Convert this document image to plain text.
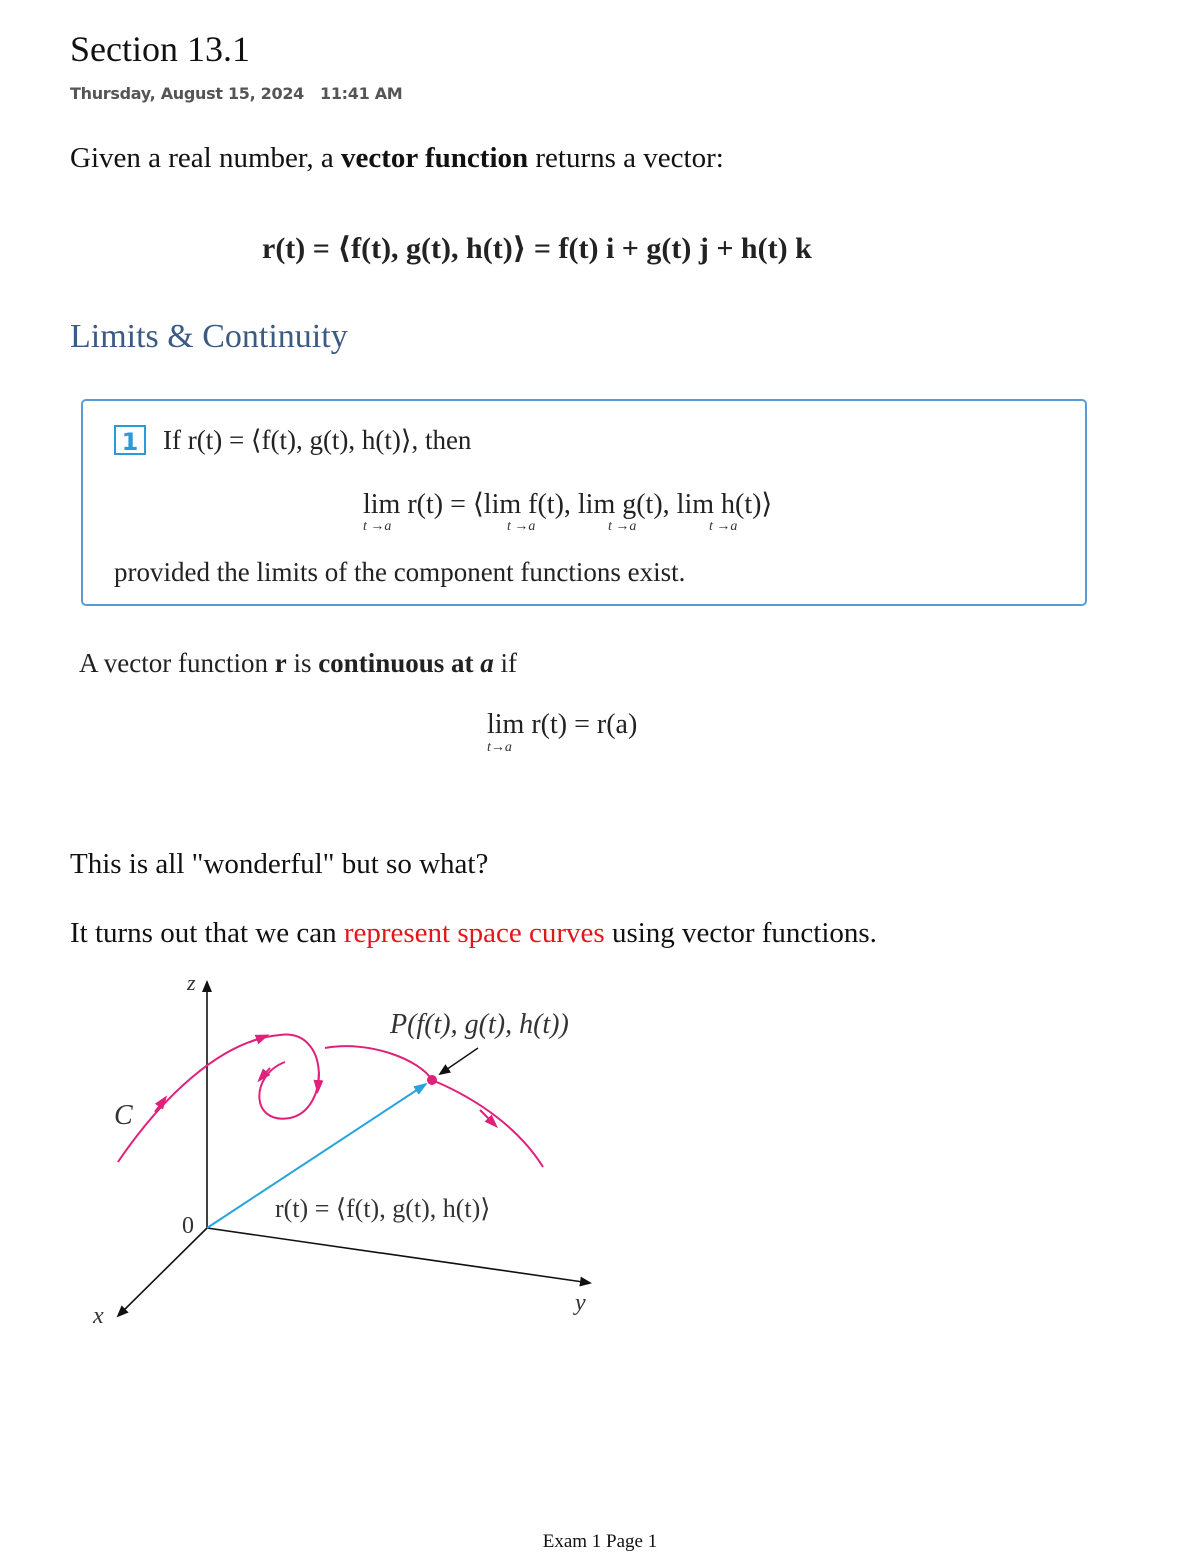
Section 13.1
Thursday, August 15, 2024 11:41 AM
Given a real number, a vector function returns a vector:
r(t) = ⟨f(t), g(t), h(t)⟩ = f(t) i + g(t) j + h(t) k
Limits & Continuity
1 If r(t) = ⟨f(t), g(t), h(t)⟩, then
lim r(t) = ⟨lim f(t), lim g(t), lim h(t)⟩
t →a	t →a	t →a	t →a
provided the limits of the component functions exist.
A vector function r is continuous at a if
lim r(t) = r(a)
t→a
This is all "wonderful" but so what?
It turns out that we can represent space curves using vector functions.
z
x	y
0
C
P(f(t), g(t), h(t))
r(t) = ⟨f(t), g(t), h(t)⟩
Exam 1 Page 1
